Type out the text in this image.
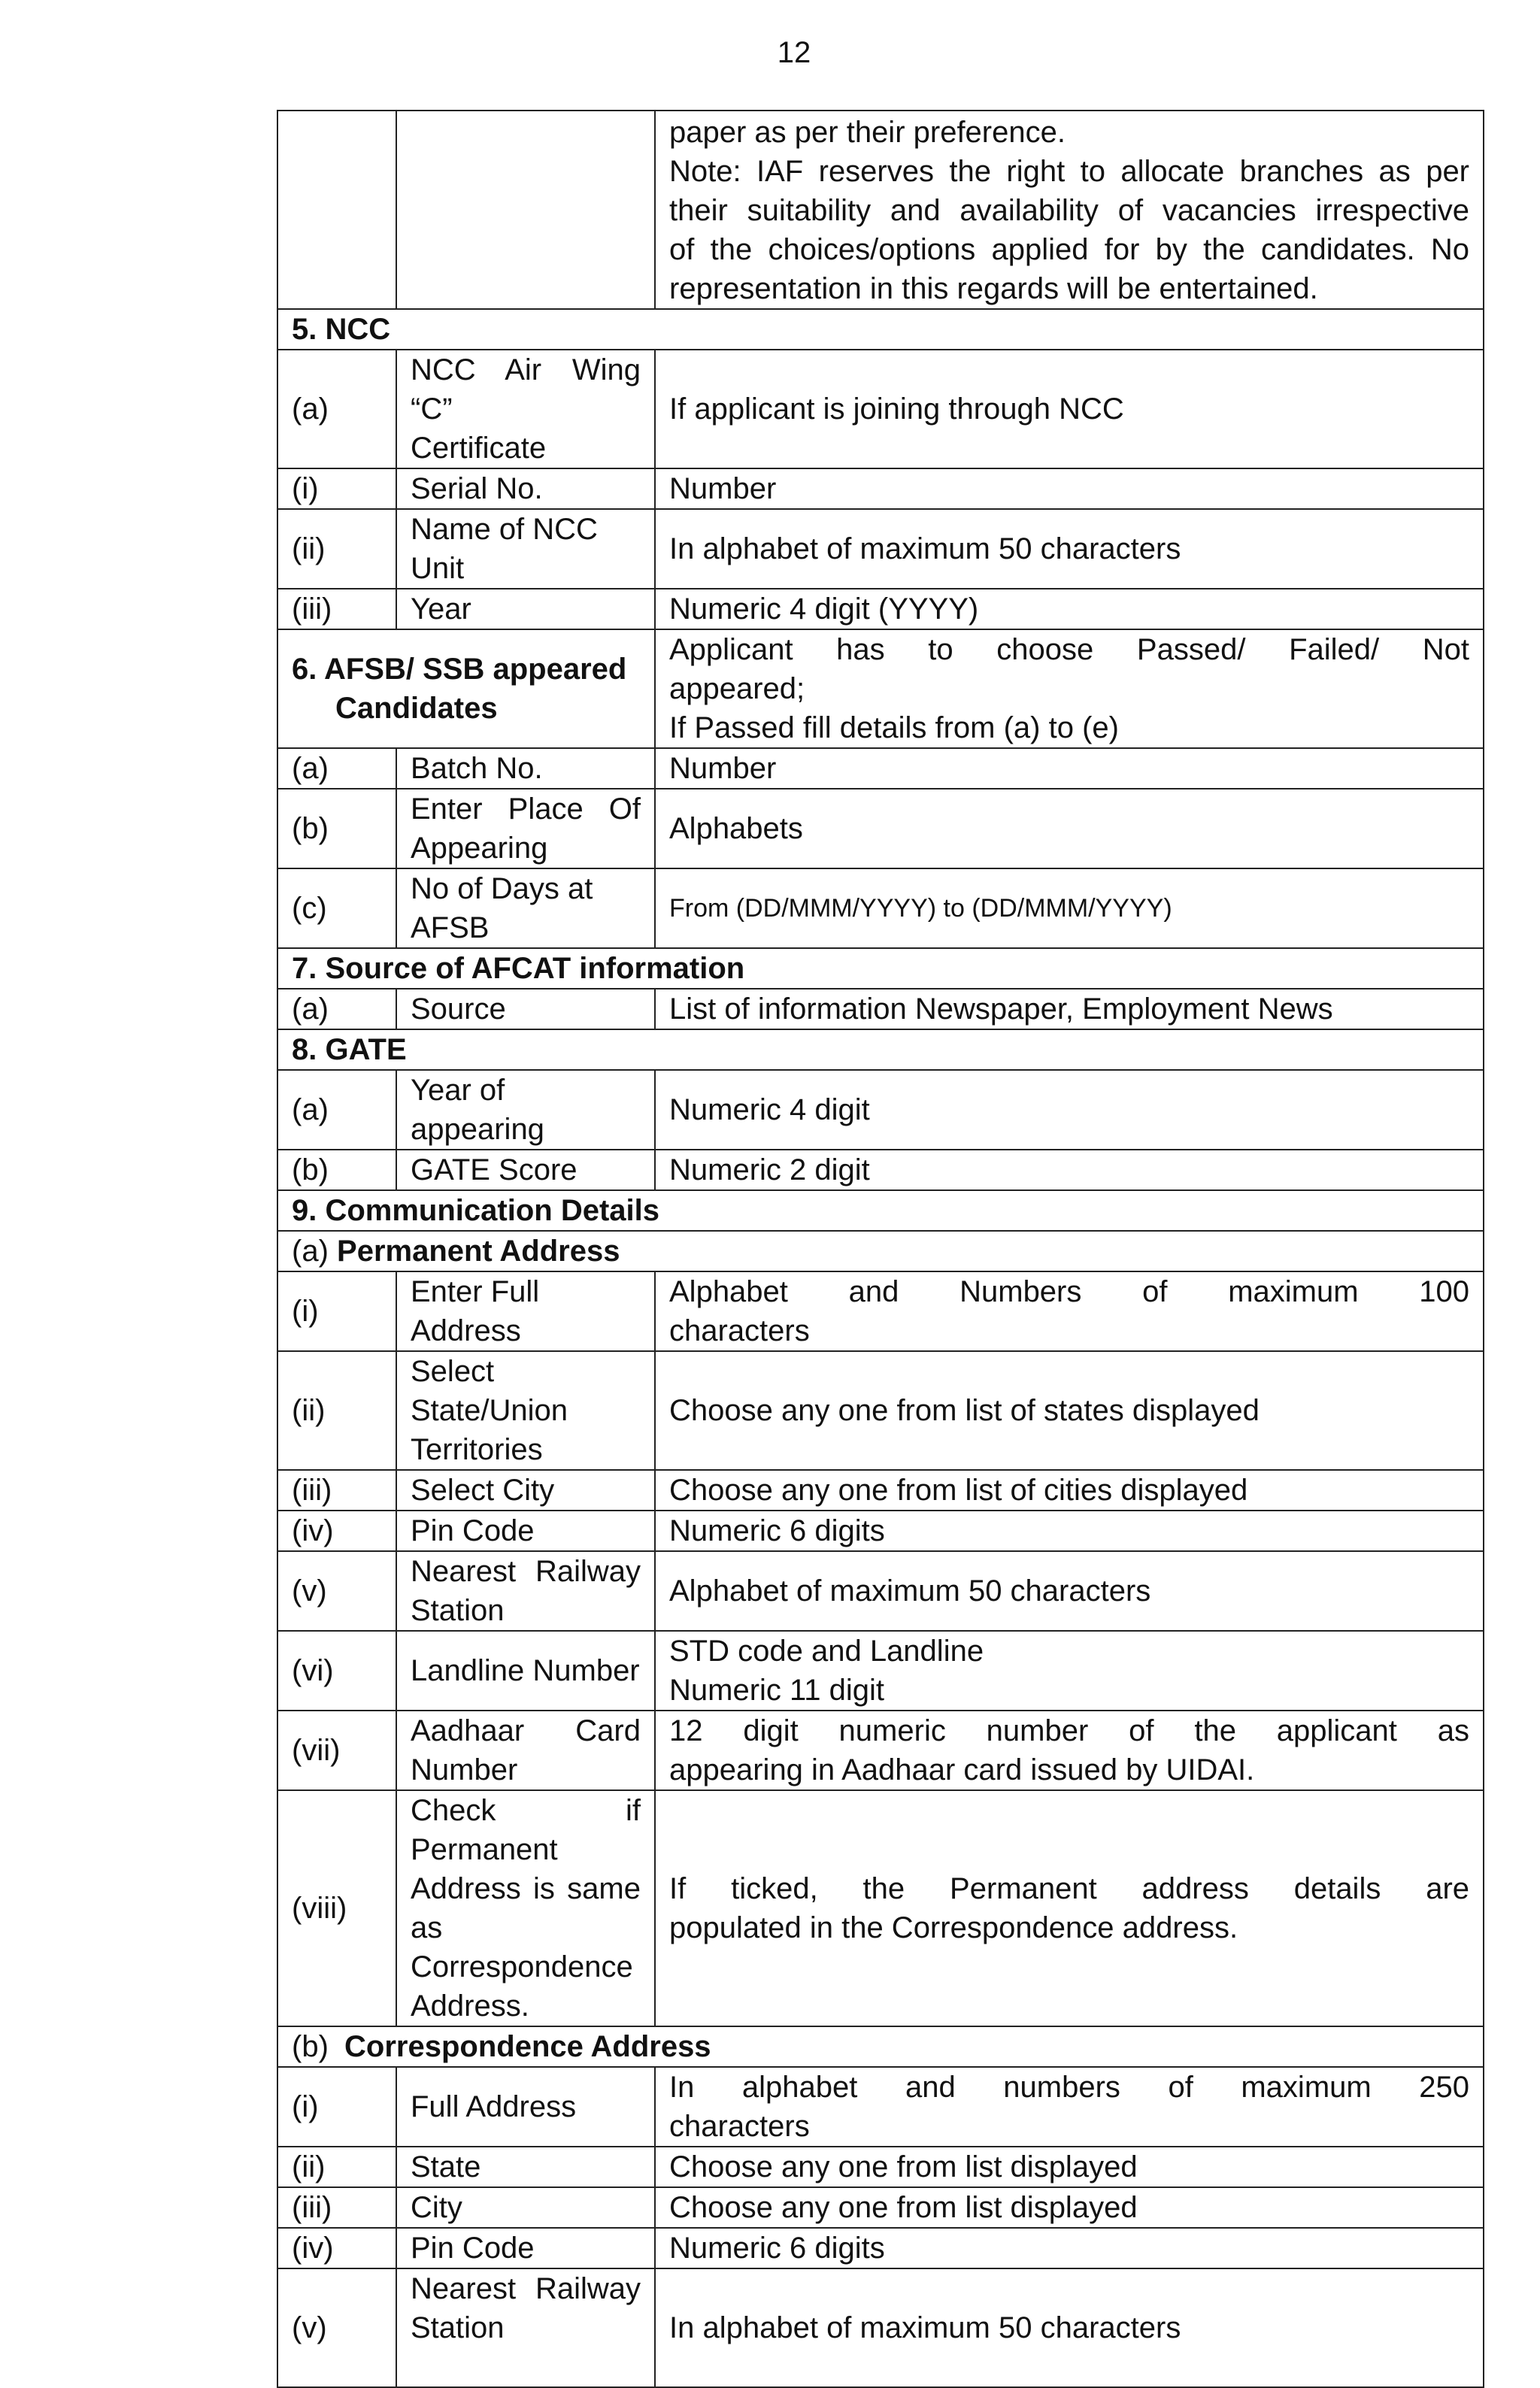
12

		paper as per their preference.
Note: IAF reserves the right to allocate branches as per
their suitability and availability of vacancies irrespective
of the choices/options applied for by the candidates. No
representation in this regards will be entertained.

5. NCC		
(a)	NCC Air Wing “C”
Certificate	If applicant is joining through NCC
(i)	Serial No.	Number
(ii)	Name of NCC Unit	In alphabet of maximum 50 characters
(iii)	Year	Numeric 4 digit (YYYY)

6. AFSB/ SSB appeared
Candidates		Applicant has to choose Passed/ Failed/ Not
appeared;
If Passed fill details from (a) to (e)

(a)	Batch No.	Number
(b)	Enter Place Of
Appearing	Alphabets
(c)	No of Days at AFSB	From (DD/MMM/YYYY) to (DD/MMM/YYYY)
7. Source of AFCAT information		
(a)	Source	List of information Newspaper, Employment News
8. GATE		
(a)	Year of appearing	Numeric 4 digit
(b)	GATE Score	Numeric 2 digit
9. Communication Details		
(a) Permanent Address		
(i)	Enter Full Address	Alphabet and Numbers of maximum 100
characters

(ii)	Select State/Union
Territories	Choose any one from list of states displayed
(iii)	Select City	Choose any one from list of cities displayed
(iv)	Pin Code	Numeric 6 digits
(v)	Nearest Railway
Station	Alphabet of maximum 50 characters
(vi)	Landline Number	STD code and Landline
Numeric 11 digit

(vii)	Aadhaar Card
Number	12 digit numeric number of the applicant as
appearing in Aadhaar card issued by UIDAI.

(viii)	Check if Permanent
Address is same as
Correspondence
Address.	If ticked, the Permanent address details are
populated in the Correspondence address.

(b) Correspondence Address		
(i)	Full Address	In alphabet and numbers of maximum 250
characters

(ii)	State	Choose any one from list displayed
(iii)	City	Choose any one from list displayed
(iv)	Pin Code	Numeric 6 digits
(v)	Nearest Railway
Station	In alphabet of maximum 50 characters
